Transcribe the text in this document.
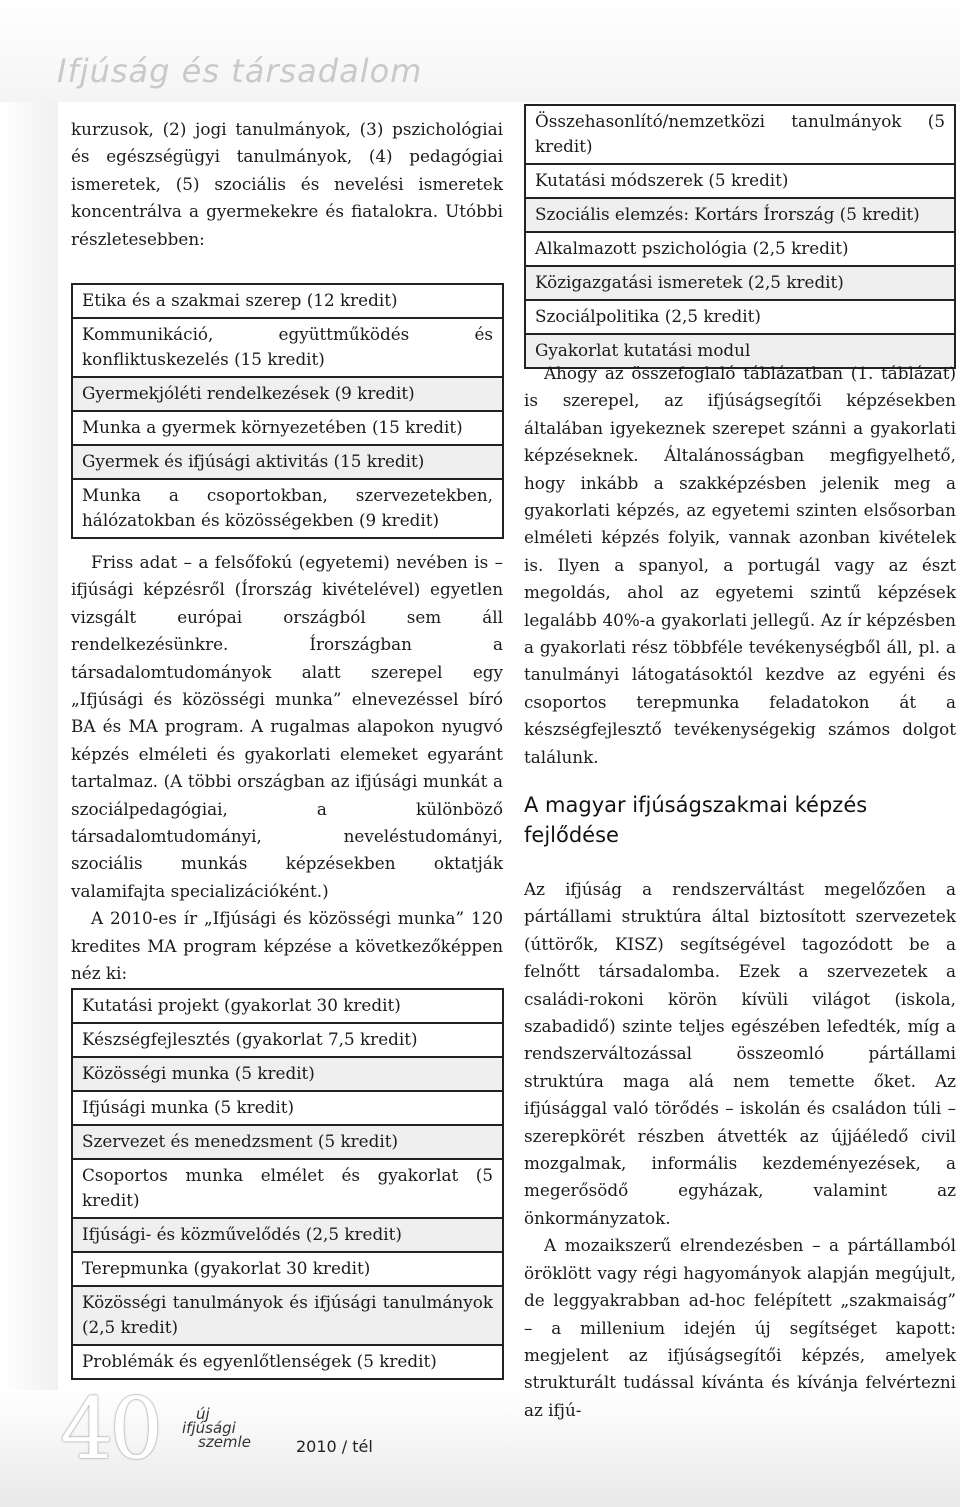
Ifjúság és társadalom

kurzusok, (2) jogi tanulmányok, (3) pszichológiai és egészségügyi tanulmányok, (4) pedagógiai ismeretek, (5) szociális és nevelési ismeretek koncentrálva a gyermekekre és fiatalokra. Utóbbi részletesebben:

Etika és a szakmai szerep (12 kredit)
Kommunikáció, együttműködés és konfliktuskezelés (15 kredit)
Gyermekjóléti rendelkezések (9 kredit)
Munka a gyermek környezetében (15 kredit)
Gyermek és ifjúsági aktivitás (15 kredit)
Munka a csoportokban, szervezetekben, hálózatokban és közösségekben (9 kredit)

Friss adat – a felsőfokú (egyetemi) nevében is – ifjúsági képzésről (Írország kivételével) egyetlen vizsgált európai országból sem áll rendelkezésünkre. Írországban a társadalomtudományok alatt szerepel egy „Ifjúsági és közösségi munka” elnevezéssel bíró BA és MA program. A rugalmas alapokon nyugvó képzés elméleti és gyakorlati elemeket egyaránt tartalmaz. (A többi országban az ifjúsági munkát a szociálpedagógiai, a különböző társadalomtudományi, neveléstudományi, szociális munkás képzésekben oktatják valamifajta specializációként.)

A 2010-es ír „Ifjúsági és közösségi munka” 120 kredites MA program képzése a következőképpen néz ki:

Kutatási projekt (gyakorlat 30 kredit)
Készségfejlesztés (gyakorlat 7,5 kredit)
Közösségi munka (5 kredit)
Ifjúsági munka (5 kredit)
Szervezet és menedzsment (5 kredit)
Csoportos munka elmélet és gyakorlat (5 kredit)
Ifjúsági- és közművelődés (2,5 kredit)
Terepmunka (gyakorlat 30 kredit)
Közösségi tanulmányok és ifjúsági tanulmányok (2,5 kredit)
Problémák és egyenlőtlenségek (5 kredit)
Összehasonlító/nemzetközi tanulmányok (5 kredit)
Kutatási módszerek (5 kredit)
Szociális elemzés: Kortárs Írország (5 kredit)
Alkalmazott pszichológia (2,5 kredit)
Közigazgatási ismeretek (2,5 kredit)
Szociálpolitika (2,5 kredit)
Gyakorlat kutatási modul

Ahogy az összefoglaló táblázatban (1. táblázat) is szerepel, az ifjúságsegítői képzésekben általában igyekeznek szerepet szánni a gyakorlati képzéseknek. Általánosságban megfigyelhető, hogy inkább a szakképzésben jelenik meg a gyakorlati képzés, az egyetemi szinten elsősorban elméleti képzés folyik, vannak azonban kivételek is. Ilyen a spanyol, a portugál vagy az észt megoldás, ahol az egyetemi szintű képzések legalább 40%-a gyakorlati jellegű. Az ír képzésben a gyakorlati rész többféle tevékenységből áll, pl. a tanulmányi látogatásoktól kezdve az egyéni és csoportos terepmunka feladatokon át a készségfejlesztő tevékenységekig számos dolgot találunk.

A magyar ifjúságszakmai képzés fejlődése

Az ifjúság a rendszerváltást megelőzően a pártállami struktúra által biztosított szervezetek (úttörők, KISZ) segítségével tagozódott be a felnőtt társadalomba. Ezek a szervezetek a családi-rokoni körön kívüli világot (iskola, szabadidő) szinte teljes egészében lefedték, míg a rendszerváltozással összeomló pártállami struktúra maga alá nem temette őket. Az ifjúsággal való törődés – iskolán és családon túli – szerepkörét részben átvették az újjáéledő civil mozgalmak, informális kezdeményezések, a megerősödő egyházak, valamint az önkormányzatok.

A mozaikszerű elrendezésben – a pártállamból öröklött vagy régi hagyományok alapján megújult, de leggyakrabban ad-hoc felépített „szakmaiság” – a millenium idején új segítséget kapott: megjelent az ifjúságsegítői képzés, amelyek strukturált tudással kívánta és kívánja felvértezni az ifjú-

40	új
ifjúsági
szemle	2010 / tél
